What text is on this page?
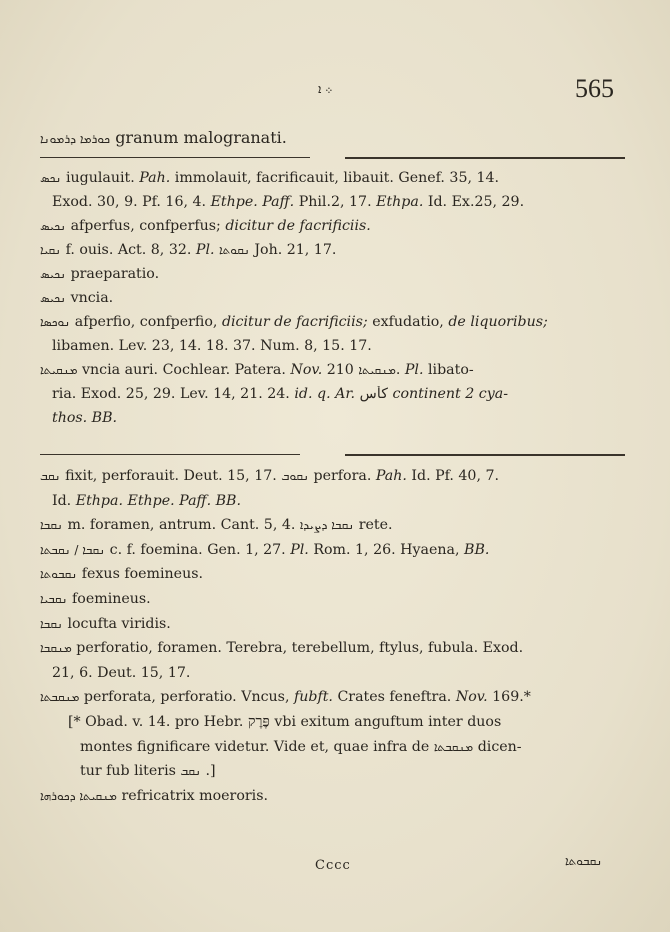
܀ ܐ	565
ܟܘܪܡܐ ܕܪܡܘܢܐ granum malogranati.
ܢܟܣ iugulauit. Pah. immolauit, facrificauit, libauit. Genef. 35, 14.
Exod. 30, 9. Pf. 16, 4. Ethpe. Paff. Phil.2, 17. Ethpa. Id. Ex.25, 29.
ܢܟܝܣ afperfus, confperfus; dicitur de facrificiis.
ܢܩܝܐ f. ouis. Act. 8, 32. Pl. ܢܩܘܬܐ Joh. 21, 17.
ܢܟܝܣ praeparatio.
ܢܟܝܣ vncia.
ܢܘܟܣܐ afperfio, confperfio, dicitur de facrificiis; exfudatio, de liquoribus;
libamen. Lev. 23, 14. 18. 37. Num. 8, 15. 17.
ܡܢܩܝܬܐ vncia auri. Cochlear. Patera. Nov.	ܡܢܩܝܬܐ 210. Pl. libato-
ria. Exod. 25, 29. Lev. 14, 21. 24. id. q. Ar. كأس continent 2 cya-
thos. BB.
ܢܩܒ fixit, perforauit. Deut. 15, 17. ܢܩܘܒ perfora. Pah. Id. Pf. 40, 7.
Id. Ethpa. Ethpe. Paff. BB.
ܢܩܒܐ m. foramen, antrum. Cant. 5, 4. ܢܩܒܐ ܕܨܝܕܐ rete.
ܢܩܒܐ / ܢܩܒܬܐ c. f. foemina. Gen. 1, 27. Pl. Rom. 1, 26. Hyaena, BB.
ܢܩܒܘܬܐ fexus foemineus.
ܢܩܒܝܐ foemineus.
ܢܩܒܐ locufta viridis.
ܡܢܩܒܐ perforatio, foramen. Terebra, terebellum, ftylus, fubula. Exod.
21, 6. Deut. 15, 17.
ܡܢܩܒܬܐ perforata, perforatio. Vncus, fubft. Crates feneftra. Nov. 169.*
[* Obad. v. 14. pro Hebr. פֶּרֶק vbi exitum anguftum inter duos
montes fignificare videtur. Vide et, quae infra de ܡܢܩܒܬܐ dicen-
tur fub literis ܢܩܒ .]
ܡܢܩܝܬܐ ܕܟܘܪܗܐ refricatrix moeroris.
Cccc	ܢܩܒܘܬܐ
